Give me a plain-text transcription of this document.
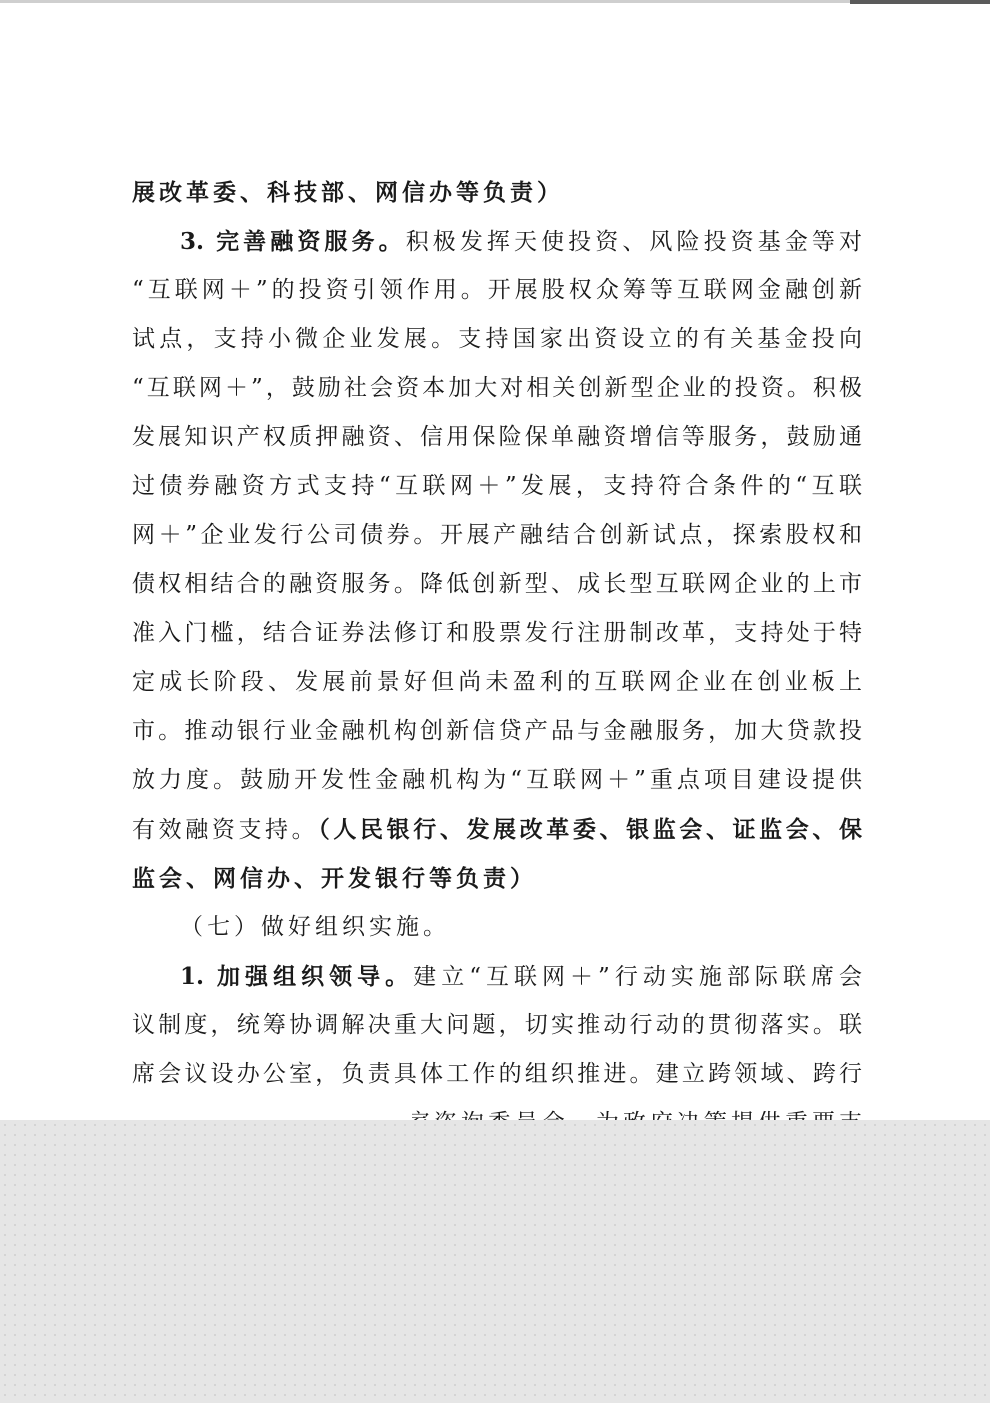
展改革委、科技部、网信办等负责）
3. 完善融资服务。积极发挥天使投资、风险投资基金等对
“互联网＋”的投资引领作用。开展股权众筹等互联网金融创新
试点，支持小微企业发展。支持国家出资设立的有关基金投向
“互联网＋”，鼓励社会资本加大对相关创新型企业的投资。积极
发展知识产权质押融资、信用保险保单融资增信等服务，鼓励通
过债券融资方式支持“互联网＋”发展，支持符合条件的“互联
网＋”企业发行公司债券。开展产融结合创新试点，探索股权和
债权相结合的融资服务。降低创新型、成长型互联网企业的上市
准入门槛，结合证券法修订和股票发行注册制改革，支持处于特
定成长阶段、发展前景好但尚未盈利的互联网企业在创业板上
市。推动银行业金融机构创新信贷产品与金融服务，加大贷款投
放力度。鼓励开发性金融机构为“互联网＋”重点项目建设提供
有效融资支持。（人民银行、发展改革委、银监会、证监会、保
监会、网信办、开发银行等负责）
（七）做好组织实施。
1. 加强组织领导。建立“互联网＋”行动实施部际联席会
议制度，统筹协调解决重大问题，切实推动行动的贯彻落实。联
席会议设办公室，负责具体工作的组织推进。建立跨领域、跨行
